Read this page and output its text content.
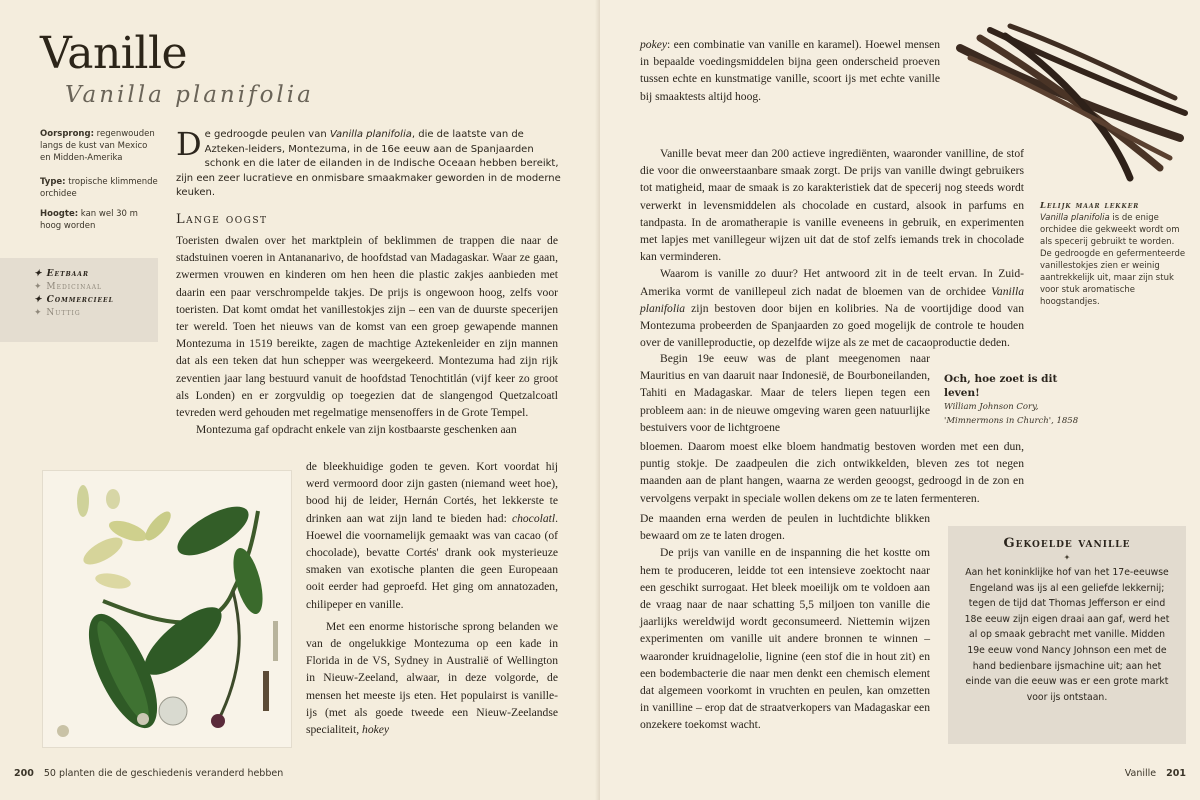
Vanille
Vanilla planifolia
Oorsprong: regenwouden langs de kust van Mexico en Midden-Amerika
Type: tropische klimmende orchidee
Hoogte: kan wel 30 m hoog worden
✦ Eetbaar
✦ Medicinaal
✦ Commercieel
✦ Nuttig
De gedroogde peulen van Vanilla planifolia, die de laatste van de Azteken-leiders, Montezuma, in de 16e eeuw aan de Spanjaarden schonk en die later de eilanden in de Indische Oceaan hebben bereikt, zijn een zeer lucratieve en onmisbare smaakmaker geworden in de moderne keuken.
Lange oogst

Toeristen dwalen over het marktplein of beklimmen de trappen die naar de stadstuinen voeren in Antananarivo, de hoofdstad van Madagaskar. Waar ze gaan, zwermen vrouwen en kinderen om hen heen die plastic zakjes aanbieden met daarin een paar verschrompelde takjes. De prijs is ongewoon hoog, zelfs voor toeristen. Dat komt omdat het vanillestokjes zijn – een van de duurste specerijen ter wereld. Toen het nieuws van de komst van een groep gewapende mannen Montezuma in 1519 bereikte, zagen de machtige Aztekenleider en zijn mannen dat als een teken dat hun schepper was weergekeerd. Montezuma had zijn rijk zeventien jaar lang bestuurd vanuit de hoofdstad Tenochtitlán (vijf keer zo groot als Londen) en er zorgvuldig op toegezien dat de slangengod Quetzalcoatl tevreden werd gehouden met regelmatige mensenoffers in de Grote Tempel.

Montezuma gaf opdracht enkele van zijn kostbaarste geschenken aan

de bleekhuidige goden te geven. Kort voordat hij werd vermoord door zijn gasten (niemand weet hoe), bood hij de leider, Hernán Cortés, het lekkerste te drinken aan wat zijn land te bieden had: chocolatl. Hoewel die voornamelijk gemaakt was van cacao (of chocolade), bevatte Cortés' drank ook mysterieuze smaken van exotische planten die geen Europeaan ooit eerder had geproefd. Het ging om annatozaden, chilipeper en vanille.

Met een enorme historische sprong belanden we van de ongelukkige Montezuma op een kade in Florida in de VS, Sydney in Australië of Wellington in Nieuw-Zeeland, alwaar, in deze volgorde, de mensen het meeste ijs eten. Het populairst is vanille-ijs (met als goede tweede een Nieuw-Zeelandse specialiteit, hokey

200 50 planten die de geschiedenis veranderd hebben

pokey: een combinatie van vanille en karamel). Hoewel mensen in bepaalde voedingsmiddelen bijna geen onderscheid proeven tussen echte en kunstmatige vanille, scoort ijs met echte vanille bij smaaktests altijd hoog.

Vanille bevat meer dan 200 actieve ingrediënten, waaronder vanilline, de stof die voor die onweerstaanbare smaak zorgt. De prijs van vanille dwingt gebruikers tot matigheid, maar de smaak is zo karakteristiek dat de specerij nog steeds wordt verwerkt in levensmiddelen als chocolade en custard, alsook in parfums en tandpasta. In de aromatherapie is vanille eveneens in gebruik, en experimenten met lapjes met vanillegeur wijzen uit dat de stof zelfs iemands trek in chocolade kan verminderen.

Waarom is vanille zo duur? Het antwoord zit in de teelt ervan. In Zuid-Amerika vormt de vanillepeul zich nadat de bloemen van de orchidee Vanilla planifolia zijn bestoven door bijen en kolibries. Na de voortijdige dood van Montezuma probeerden de Spanjaarden zo goed mogelijk de controle te houden over de vanilleproductie, op dezelfde wijze als ze met de cacaoproductie deden.

Begin 19e eeuw was de plant meegenomen naar Mauritius en van daaruit naar Indonesië, de Bourboneilanden, Tahiti en Madagaskar. Maar de telers liepen tegen een probleem aan: in de nieuwe omgeving waren geen natuurlijke bestuivers voor de lichtgroene

bloemen. Daarom moest elke bloem handmatig bestoven worden met een dun, puntig stokje. De zaadpeulen die zich ontwikkelden, bleven zes tot negen maanden aan de plant hangen, waarna ze werden geoogst, gedroogd in de zon en vervolgens verpakt in speciale wollen dekens om ze te laten fermenteren.

De maanden erna werden de peulen in luchtdichte blikken bewaard om ze te laten drogen.

De prijs van vanille en de inspanning die het kostte om hem te produceren, leidde tot een intensieve zoektocht naar een geschikt surrogaat. Het bleek moeilijk om te voldoen aan de vraag naar de naar schatting 5,5 miljoen ton vanille die jaarlijks wereldwijd wordt geconsumeerd. Niettemin wijzen experimenten om vanille uit andere bronnen te winnen – waaronder kruidnagelolie, lignine (een stof die in hout zit) en een bodembacterie die naar men denkt een chemisch element dat algemeen voorkomt in vruchten en peulen, kan omzetten in vanilline – erop dat de straatverkopers van Madagaskar een onzekere toekomst wacht.

Lelijk maar lekker
Vanilla planifolia is de enige orchidee die gekweekt wordt om als specerij gebruikt te worden. De gedroogde en gefermenteerde vanillestokjes zien er weinig aantrekkelijk uit, maar zijn stuk voor stuk aromatische hoogstandjes.
Och, hoe zoet is dit leven!
William Johnson Cory,
'Mimnermons in Church', 1858
Gekoelde vanille
✦
Aan het koninklijke hof van het 17e-eeuwse Engeland was ijs al een geliefde lekkernij; tegen de tijd dat Thomas Jefferson er eind 18e eeuw zijn eigen draai aan gaf, werd het al op smaak gebracht met vanille. Midden 19e eeuw vond Nancy Johnson een met de hand bedienbare ijsmachine uit; aan het einde van die eeuw was er een grote markt voor ijs ontstaan.
Vanille 201
